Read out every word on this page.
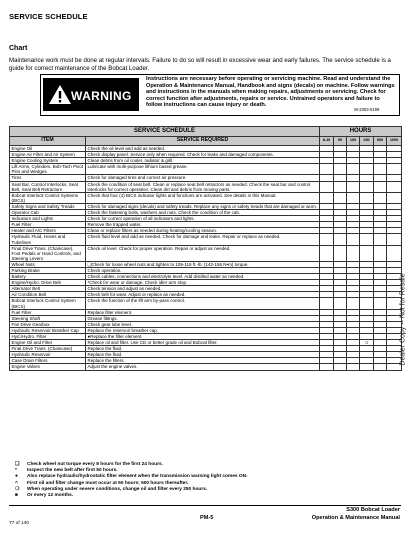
SERVICE SCHEDULE
Chart
Maintenance work must be done at regular intervals. Failure to do so will result in excessive wear and early failures. The service schedule is a guide for correct maintenance of the Bobcat Loader.
WARNING
Instructions are necessary before operating or servicing machine. Read and understand the Operation & Maintenance Manual, Handbook and signs (decals) on machine. Follow warnings and instructions in the manuals when making repairs, adjustments or servicing. Check for correct function after adjustments, repairs or service. Untrained operators and failure to follow instructions can cause injury or death.
W-2003-0199
SERVICE SCHEDULE		HOURS					
ITEM	SERVICE REQUIRED	8-10	50	100	250	500	1000
Engine Oil	Check the oil level and add as needed.						
Engine Air Filter and Air System	Check display panel. Service only when required. Check for leaks and damaged components.						
Engine Cooling System	Clean debris from oil cooler, radiator & grill.						
Lift Arms, Cylinders, Bob-Tach Pivot Pins and Wedges	Lubricate with multi-purpose lithium based grease.						
Tires	Check for damaged tires and correct air pressure.						
Seat Bar, Control Interlocks, Seat Belt, Seat Belt Retractors	Check the condition of seat belt. Clean or replace seat belt retractors as needed. Check the seat bar and control interlocks for correct operation. Clean dirt and debris from moving parts.						
Bobcat Interlock Control Systems (BICS)	Check that four (4) BICS indicator lights and functions are activated. See details in this Manual.						
Safety Signs and Safety Treads	Check for damaged signs (decals) and safety treads. Replace any signs or safety treads that are damaged or worn.						
Operator Cab	Check the fastening bolts, washers and nuts. Check the condition of the cab.						
Indicators and Lights	Check for correct operation of all indicators and lights.						
Fuel Filter	Remove the trapped water.						
Heater and A/C Filters	Clean or replace filters as needed during heating/cooling season.						
Hydraulic Fluid, Hoses and Tubelines	Check fluid level and add as needed. Check for damage and leaks. Repair or replace as needed.						
Final Drive Trans. (Chaincase), Foot Pedals or Hand Controls, and Steering Levers	Check oil level. Check for proper operation. Repair or adjust as needed.						
Wheel Nuts	❏Check for loose wheel nuts and tighten to 105-115 ft.-lb. (142-156 N•m) torque.						
Parking Brake	Check operation.						
Battery	Check cables, connections and electrolyte level. Add distilled water as needed.						
Engine/Hydro. Drive Belt	*Check for wear or damage. Check idler arm stop.						
Alternator Belt	Check tension and adjust as needed.						
Air Condition Belt	Check belt for wear. Adjust or replace as needed.						
Bobcat Interlock Control System (BICS)	Check the function of the lift arm by-pass control.						
Fuel Filter	Replace filter element.						
Steering Shaft	Grease fittings.						
Fan Drive Gearbox	Check gear lube level.						
Hydraulic Reservoir Breather Cap	Replace the reservoir breather cap.						
Hyd./Hydro. Filter	●Replace the filter element.						
Engine Oil and Filter	Replace oil and filter. Use CD or better grade oil and Bobcat filter.				❍		
Final Drive Trans. (Chaincase)	Replace the fluid.						
Hydraulic Reservoir	Replace the fluid.						
Case Drain Filters	Replace the filters.						
Engine Valves	Adjust the engine valves.						
Dealer Copy -- Not for Resale
❏	Check wheel nut torque every 8 hours for the first 24 hours.
*	Inspect the new belt after first 50 hours.
●	Also replace hydraulic/hydrostatic filter element when the transmission warning light comes ON.
^	First oil and filter change must occur at 50 hours; 500 hours thereafter.
❍	When operating under severe conditions, change oil and filter every 250 hours.
■	Or every 12 months.
S300 Bobcat Loader
PM-5	Operation & Maintenance Manual
77 of 140
